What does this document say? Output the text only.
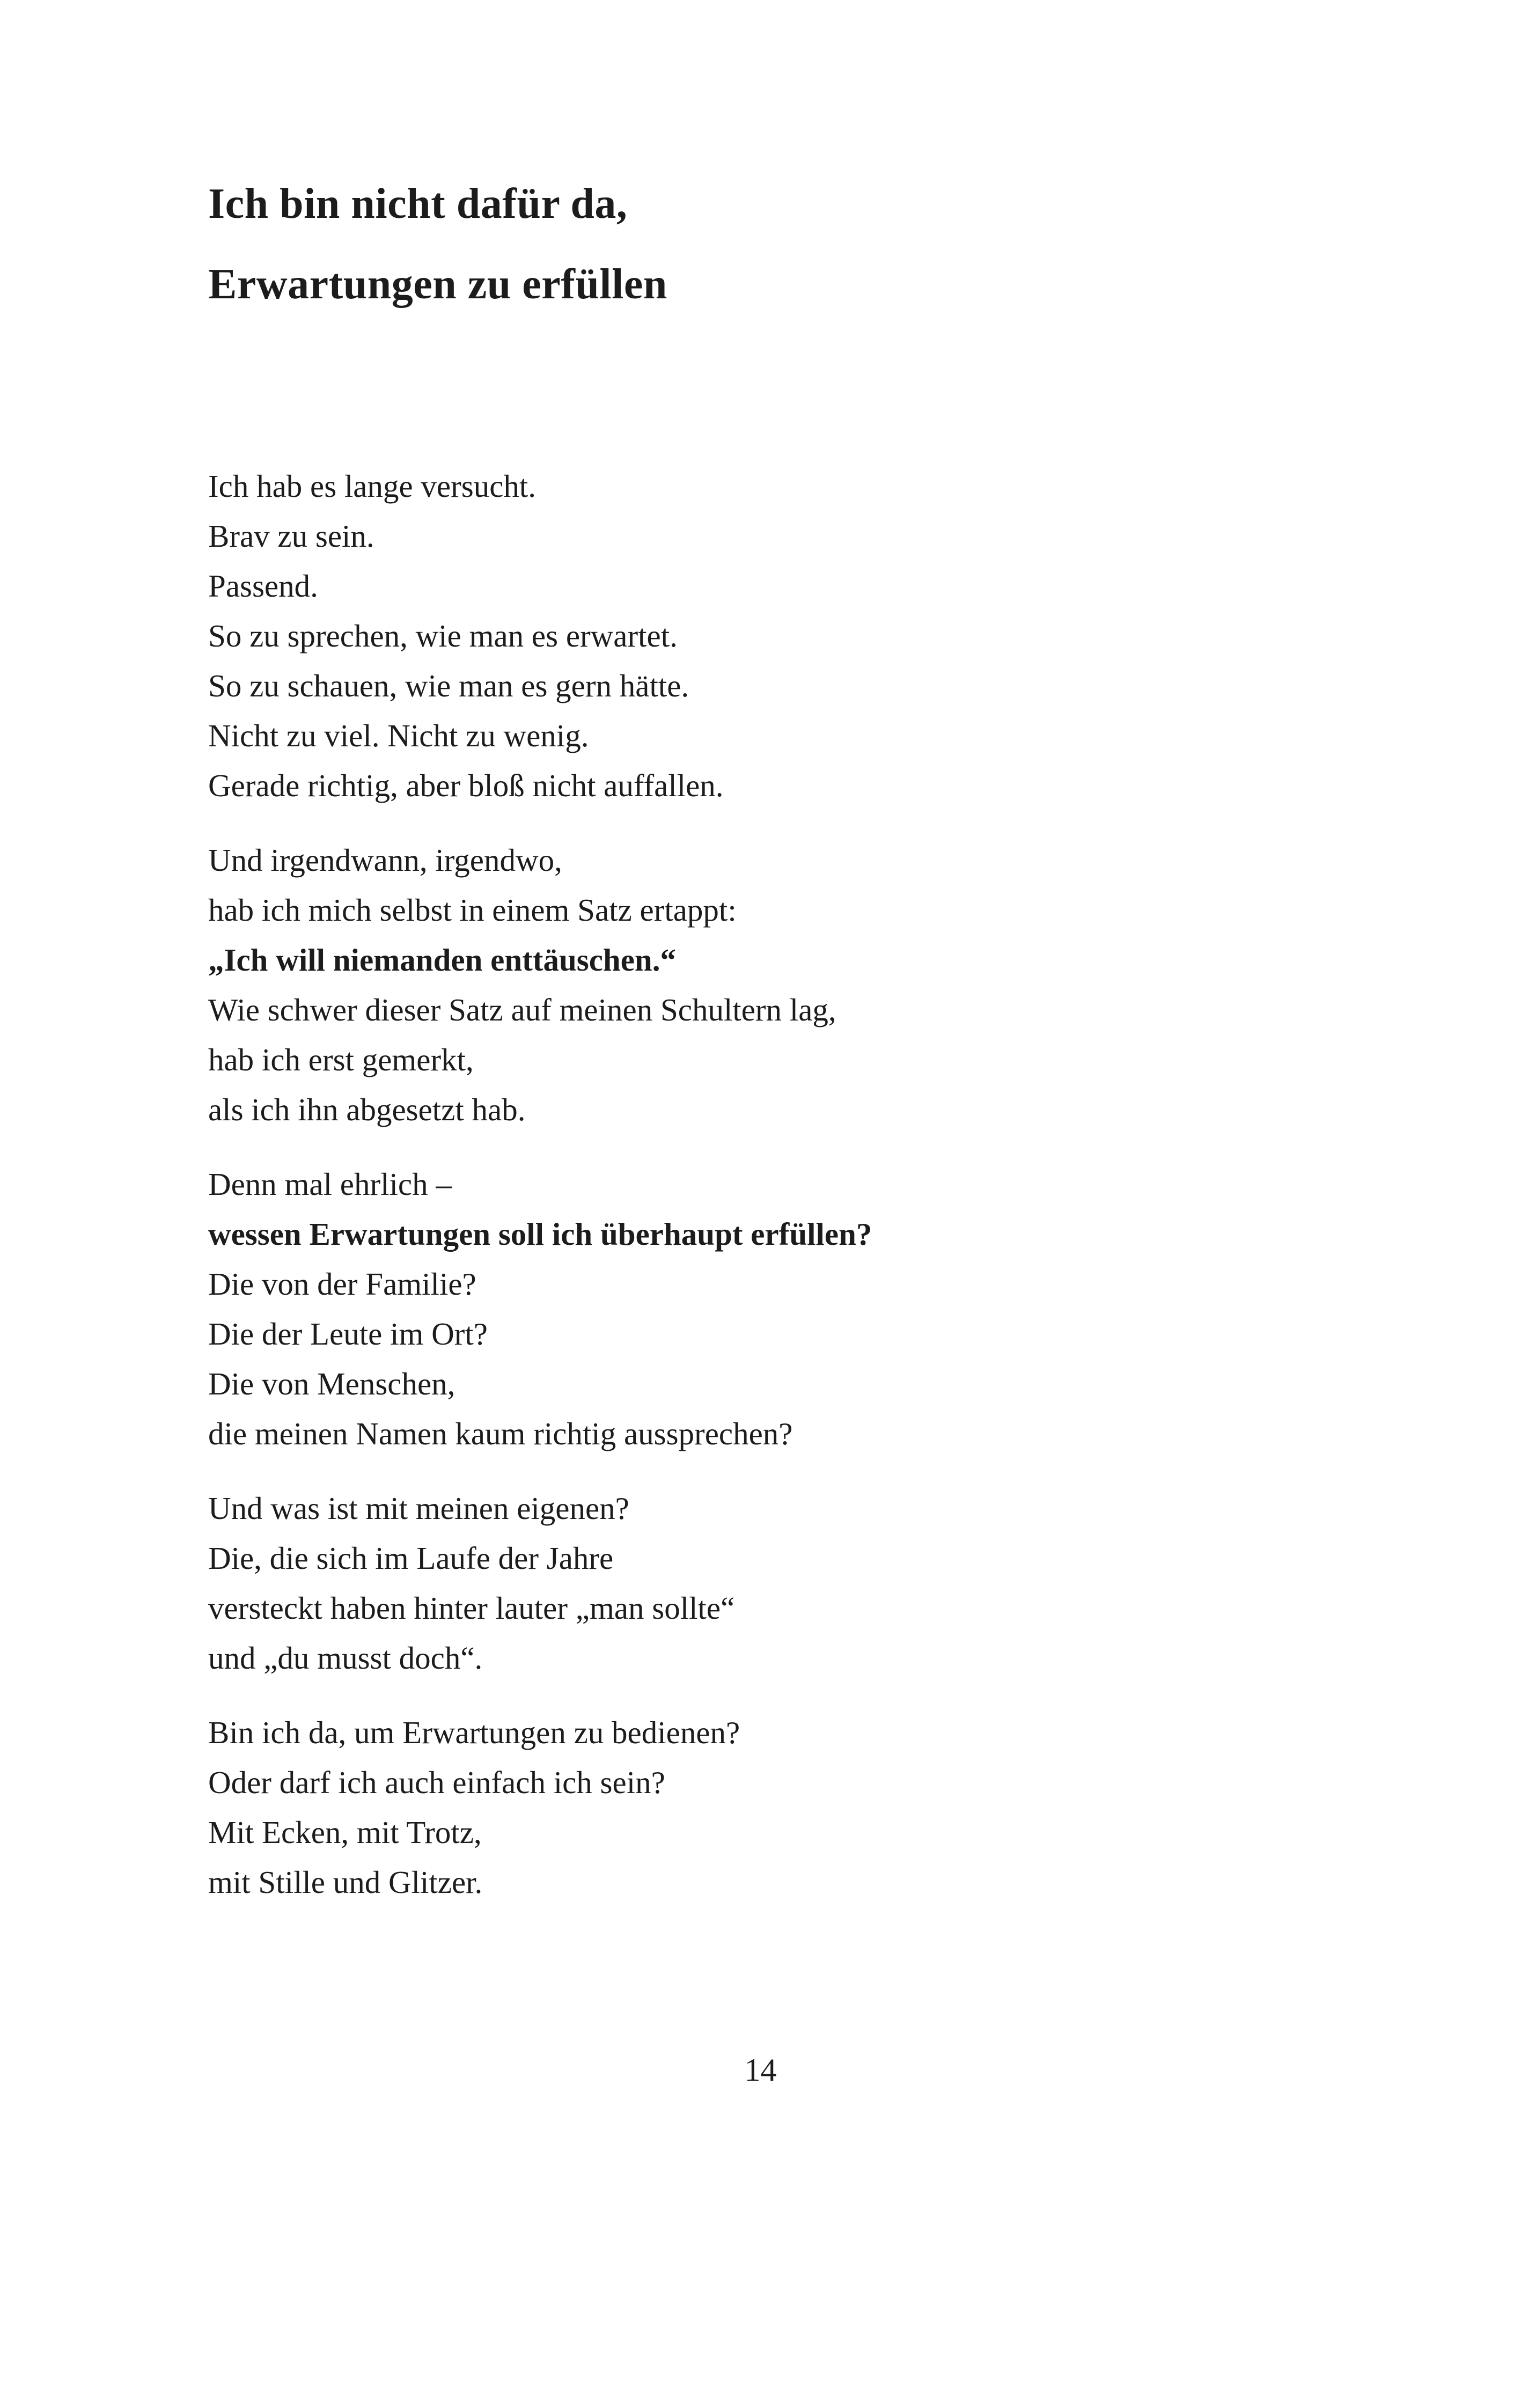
Ich bin nicht dafür da,
Erwartungen zu erfüllen
Ich hab es lange versucht.
Brav zu sein.
Passend.
So zu sprechen, wie man es erwartet.
So zu schauen, wie man es gern hätte.
Nicht zu viel. Nicht zu wenig.
Gerade richtig, aber bloß nicht auffallen.
Und irgendwann, irgendwo,
hab ich mich selbst in einem Satz ertappt:
„Ich will niemanden enttäuschen.“
Wie schwer dieser Satz auf meinen Schultern lag,
hab ich erst gemerkt,
als ich ihn abgesetzt hab.
Denn mal ehrlich –
wessen Erwartungen soll ich überhaupt erfüllen?
Die von der Familie?
Die der Leute im Ort?
Die von Menschen,
die meinen Namen kaum richtig aussprechen?
Und was ist mit meinen eigenen?
Die, die sich im Laufe der Jahre
versteckt haben hinter lauter „man sollte“
und „du musst doch“.
Bin ich da, um Erwartungen zu bedienen?
Oder darf ich auch einfach ich sein?
Mit Ecken, mit Trotz,
mit Stille und Glitzer.
14
